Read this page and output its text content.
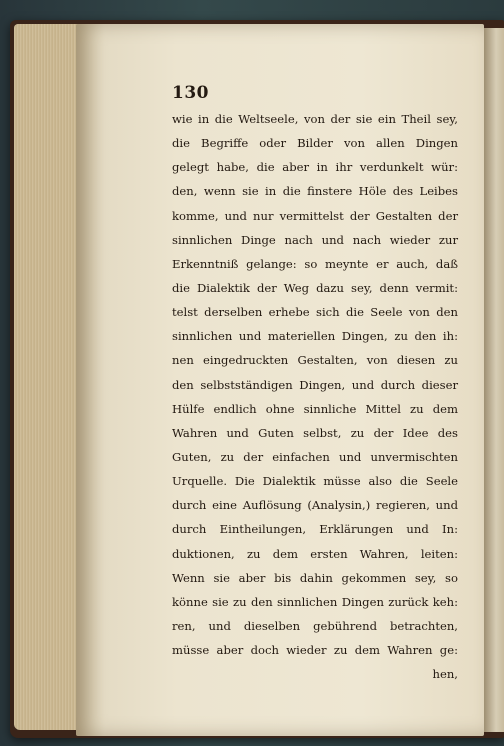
130
wie in die Weltseele, von der sie ein Theil sey,
die Begriffe oder Bilder von allen Dingen
gelegt habe, die aber in ihr verdunkelt wür:
den, wenn sie in die finstere Höle des Leibes
komme, und nur vermittelst der Gestalten der
sinnlichen Dinge nach und nach wieder zur
Erkenntniß gelange: so meynte er auch, daß
die Dialektik der Weg dazu sey, denn vermit:
telst derselben erhebe sich die Seele von den
sinnlichen und materiellen Dingen, zu den ih:
nen eingedruckten Gestalten, von diesen zu
den selbstständigen Dingen, und durch dieser
Hülfe endlich ohne sinnliche Mittel zu dem
Wahren und Guten selbst, zu der Idee des
Guten, zu der einfachen und unvermischten
Urquelle. Die Dialektik müsse also die Seele
durch eine Auflösung (Analysin,) regieren, und
durch Eintheilungen, Erklärungen und In:
duktionen, zu dem ersten Wahren, leiten:
Wenn sie aber bis dahin gekommen sey, so
könne sie zu den sinnlichen Dingen zurück keh:
ren, und dieselben gebührend betrachten,
müsse aber doch wieder zu dem Wahren ge:
hen,
